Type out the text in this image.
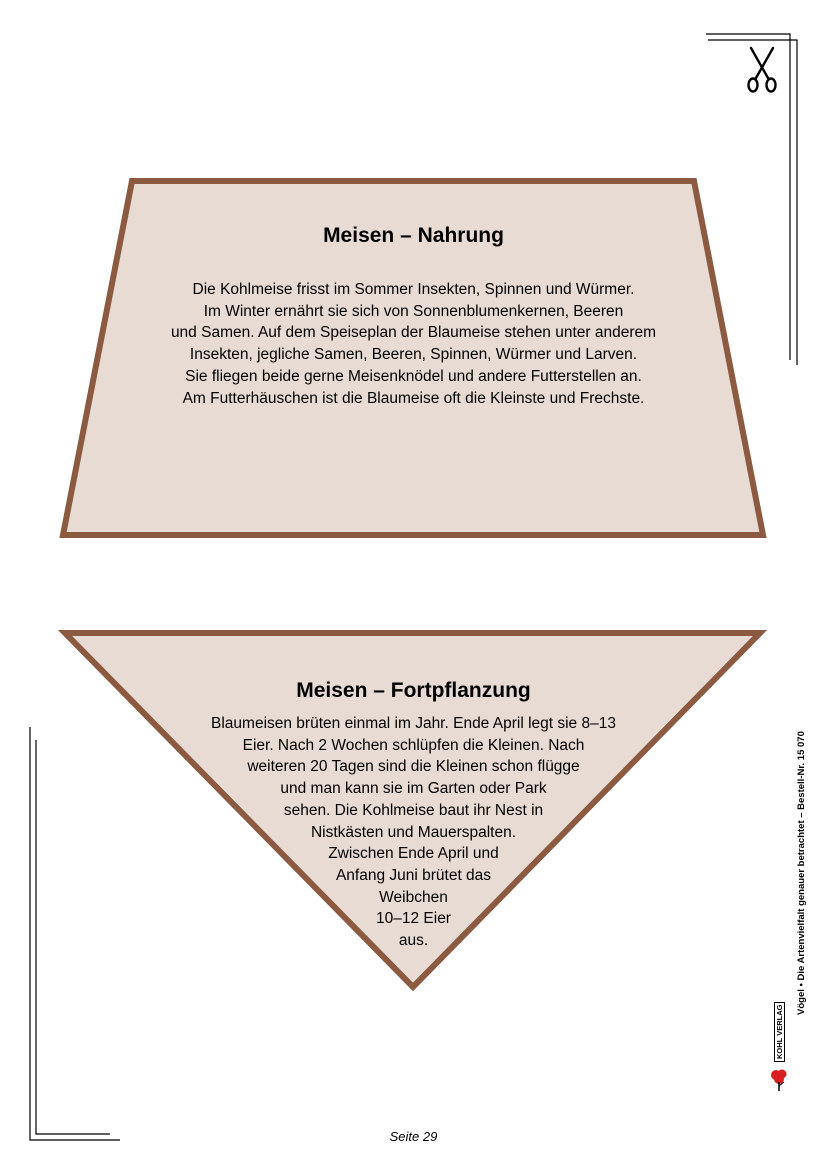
Meisen – Nahrung
Die Kohlmeise frisst im Sommer Insekten, Spinnen und Würmer.
Im Winter ernährt sie sich von Sonnenblumenkernen, Beeren
und Samen. Auf dem Speiseplan der Blaumeise stehen unter anderem
Insekten, jegliche Samen, Beeren, Spinnen, Würmer und Larven.
Sie fliegen beide gerne Meisenknödel und andere Futterstellen an.
Am Futterhäuschen ist die Blaumeise oft die Kleinste und Frechste.
Meisen – Fortpflanzung
Blaumeisen brüten einmal im Jahr. Ende April legt sie 8–13
Eier. Nach 2 Wochen schlüpfen die Kleinen. Nach
weiteren 20 Tagen sind die Kleinen schon flügge
und man kann sie im Garten oder Park
sehen. Die Kohlmeise baut ihr Nest in
Nistkästen und Mauerspalten.
Zwischen Ende April und
Anfang Juni brütet das
Weibchen
10–12 Eier
aus.	Vögel • Die Artenvielfalt genauer betrachtet – Bestell-Nr. 15 070
KOHL VERLAG
Seite 29
